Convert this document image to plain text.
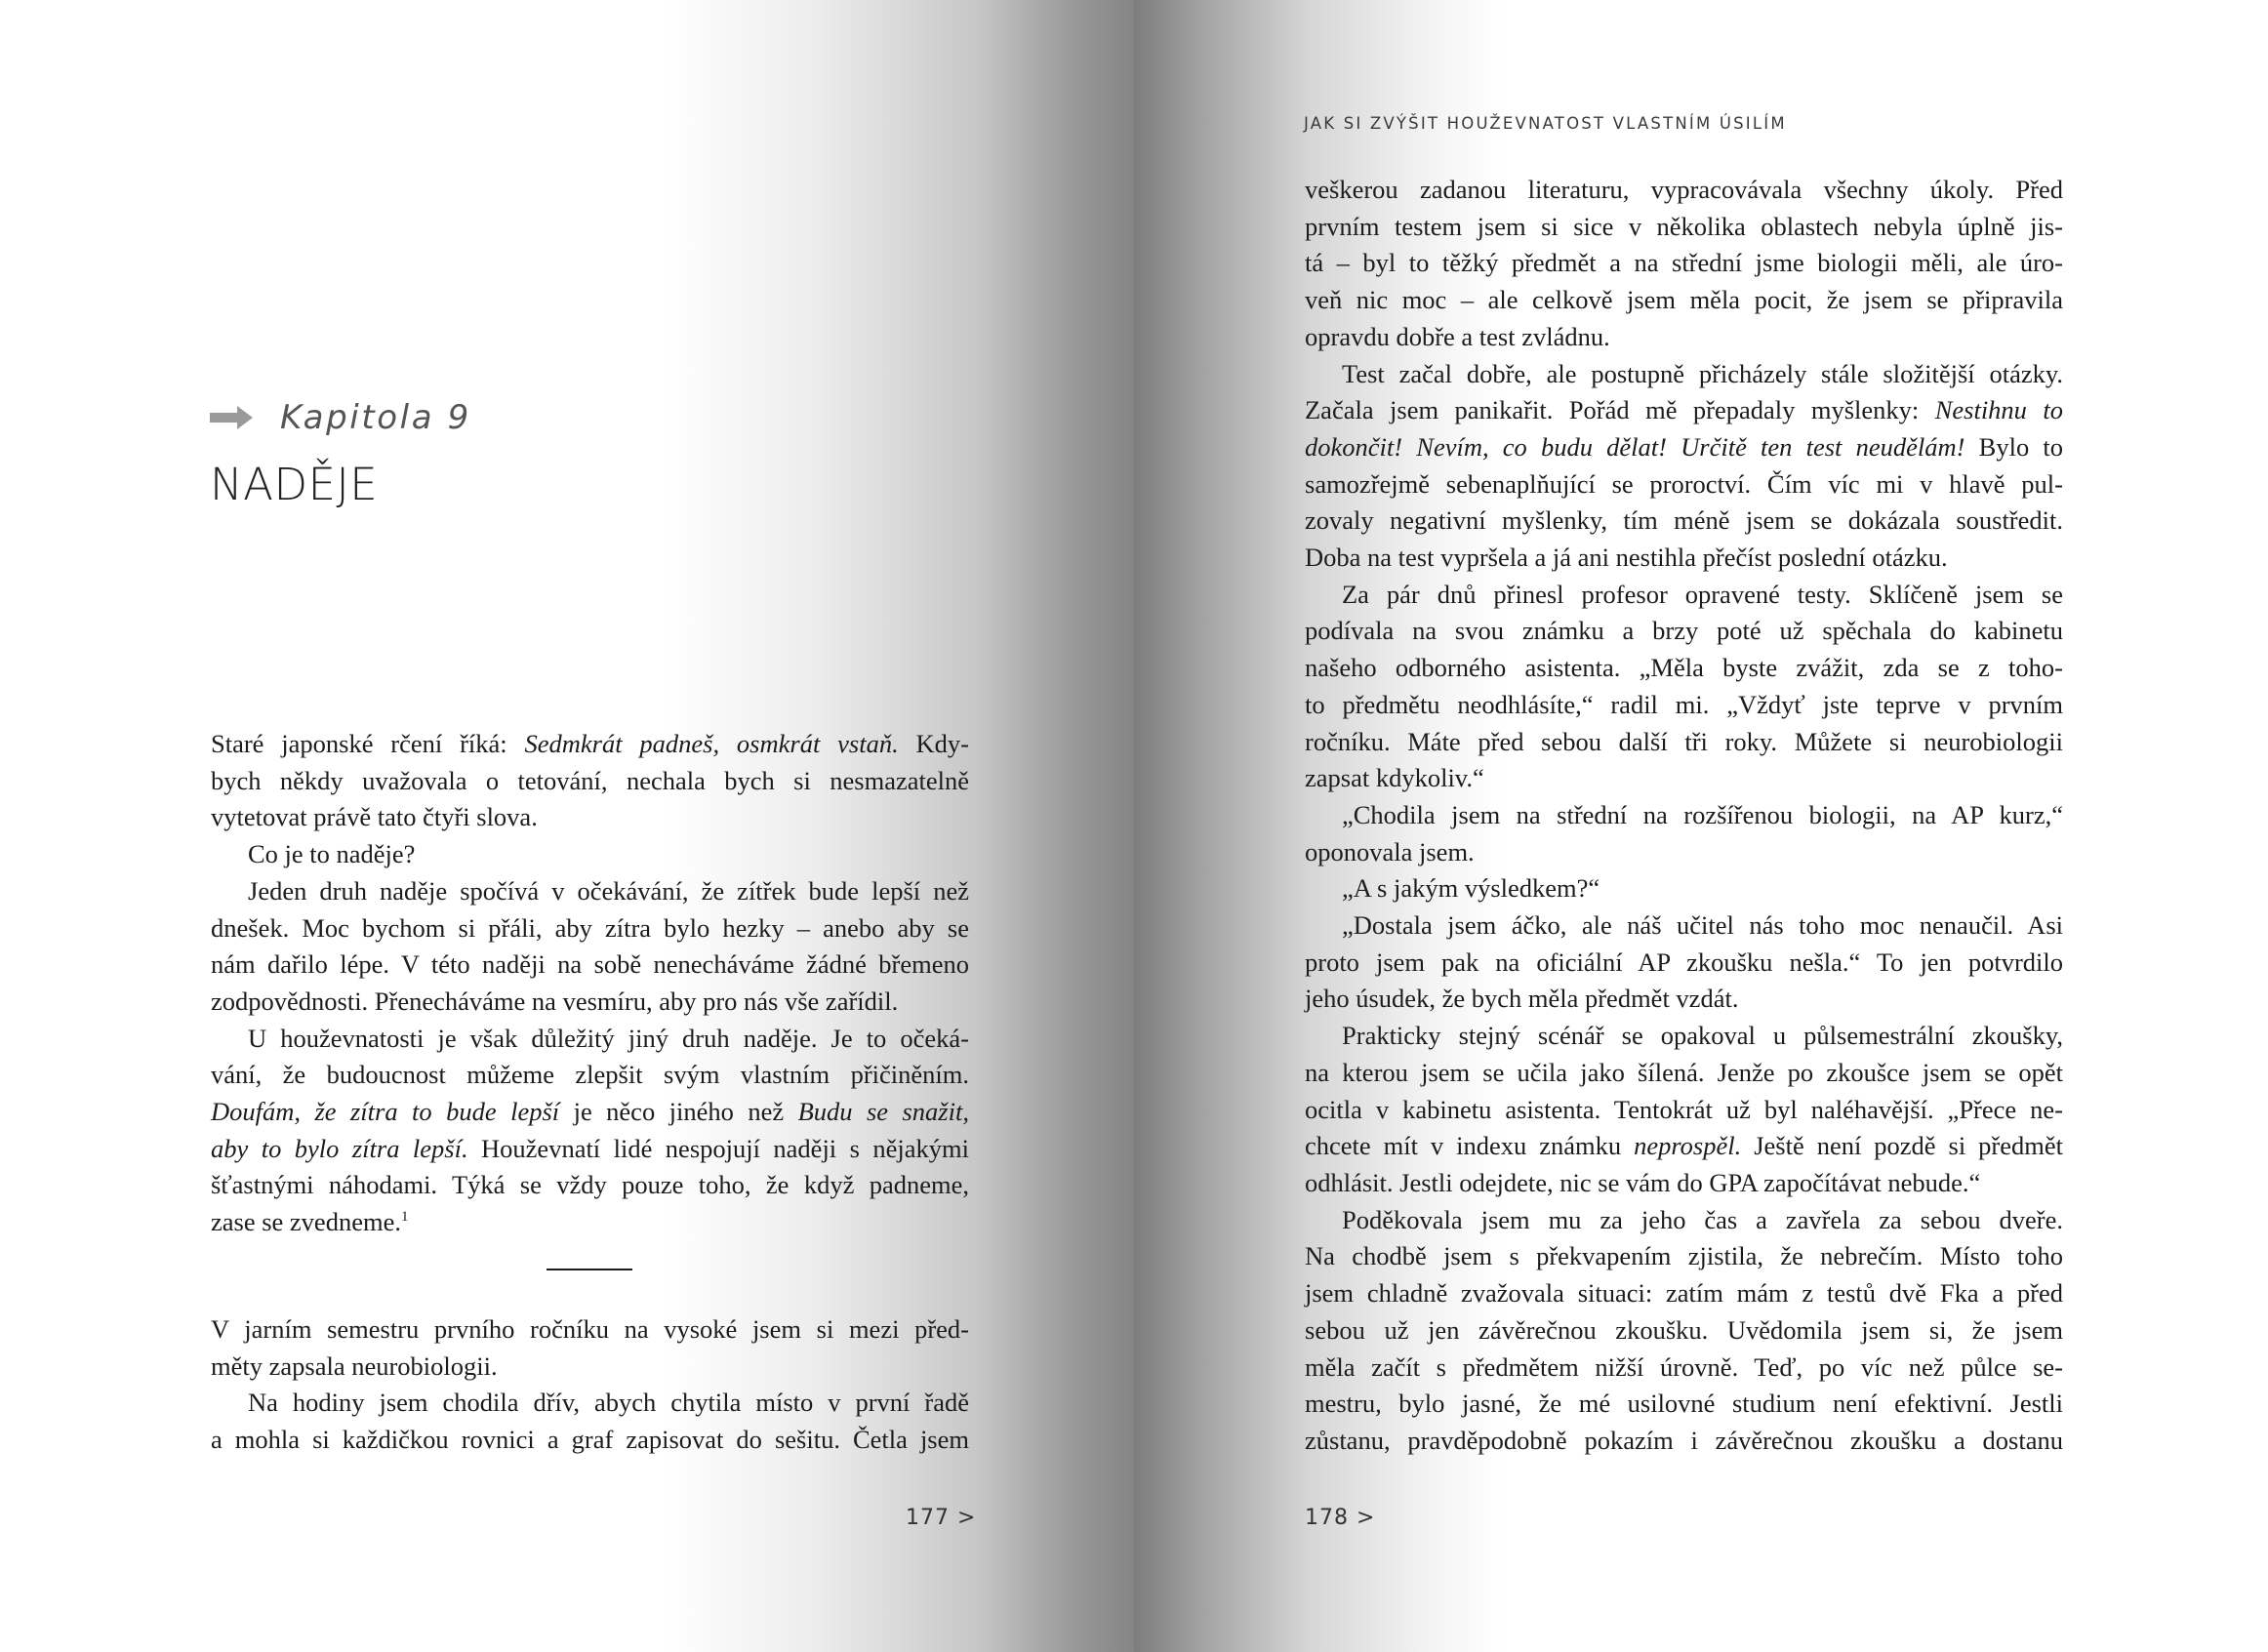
Kapitola 9
NADĚJE
Staré japonské rčení říká: Sedmkrát padneš, osmkrát vstaň. Kdy-
bych někdy uvažovala o tetování, nechala bych si nesmazatelně
vytetovat právě tato čtyři slova.
Co je to naděje?
Jeden druh naděje spočívá v očekávání, že zítřek bude lepší než
dnešek. Moc bychom si přáli, aby zítra bylo hezky – anebo aby se
nám dařilo lépe. V této naději na sobě nenecháváme žádné břemeno
zodpovědnosti. Přenecháváme na vesmíru, aby pro nás vše zařídil.
U houževnatosti je však důležitý jiný druh naděje. Je to očeká-
vání, že budoucnost můžeme zlepšit svým vlastním přičiněním.
Doufám, že zítra to bude lepší je něco jiného než Budu se snažit,
aby to bylo zítra lepší. Houževnatí lidé nespojují naději s nějakými
šťastnými náhodami. Týká se vždy pouze toho, že když padneme,
zase se zvedneme.$^1$
V jarním semestru prvního ročníku na vysoké jsem si mezi před-
měty zapsala neurobiologii.
Na hodiny jsem chodila dřív, abych chytila místo v první řadě
a mohla si každičkou rovnici a graf zapisovat do sešitu. Četla jsem
177 >
JAK SI ZVÝŠIT HOUŽEVNATOST VLASTNÍM ÚSILÍM
veškerou zadanou literaturu, vypracovávala všechny úkoly. Před
prvním testem jsem si sice v několika oblastech nebyla úplně jis-
tá – byl to těžký předmět a na střední jsme biologii měli, ale úro-
veň nic moc – ale celkově jsem měla pocit, že jsem se připravila
opravdu dobře a test zvládnu.
Test začal dobře, ale postupně přicházely stále složitější otázky.
Začala jsem panikařit. Pořád mě přepadaly myšlenky: Nestihnu to
dokončit! Nevím, co budu dělat! Určitě ten test neudělám! Bylo to
samozřejmě sebenaplňující se proroctví. Čím víc mi v hlavě pul-
zovaly negativní myšlenky, tím méně jsem se dokázala soustředit.
Doba na test vypršela a já ani nestihla přečíst poslední otázku.
Za pár dnů přinesl profesor opravené testy. Sklíčeně jsem se
podívala na svou známku a brzy poté už spěchala do kabinetu
našeho odborného asistenta. „Měla byste zvážit, zda se z toho-
to předmětu neodhlásíte,“ radil mi. „Vždyť jste teprve v prvním
ročníku. Máte před sebou další tři roky. Můžete si neurobiologii
zapsat kdykoliv.“
„Chodila jsem na střední na rozšířenou biologii, na AP kurz,“
oponovala jsem.
„A s jakým výsledkem?“
„Dostala jsem áčko, ale náš učitel nás toho moc nenaučil. Asi
proto jsem pak na oficiální AP zkoušku nešla.“ To jen potvrdilo
jeho úsudek, že bych měla předmět vzdát.
Prakticky stejný scénář se opakoval u půlsemestrální zkoušky,
na kterou jsem se učila jako šílená. Jenže po zkoušce jsem se opět
ocitla v kabinetu asistenta. Tentokrát už byl naléhavější. „Přece ne-
chcete mít v indexu známku neprospěl. Ještě není pozdě si předmět
odhlásit. Jestli odejdete, nic se vám do GPA započítávat nebude.“
Poděkovala jsem mu za jeho čas a zavřela za sebou dveře.
Na chodbě jsem s překvapením zjistila, že nebrečím. Místo toho
jsem chladně zvažovala situaci: zatím mám z testů dvě Fka a před
sebou už jen závěrečnou zkoušku. Uvědomila jsem si, že jsem
měla začít s předmětem nižší úrovně. Teď, po víc než půlce se-
mestru, bylo jasné, že mé usilovné studium není efektivní. Jestli
zůstanu, pravděpodobně pokazím i závěrečnou zkoušku a dostanu
178 >
